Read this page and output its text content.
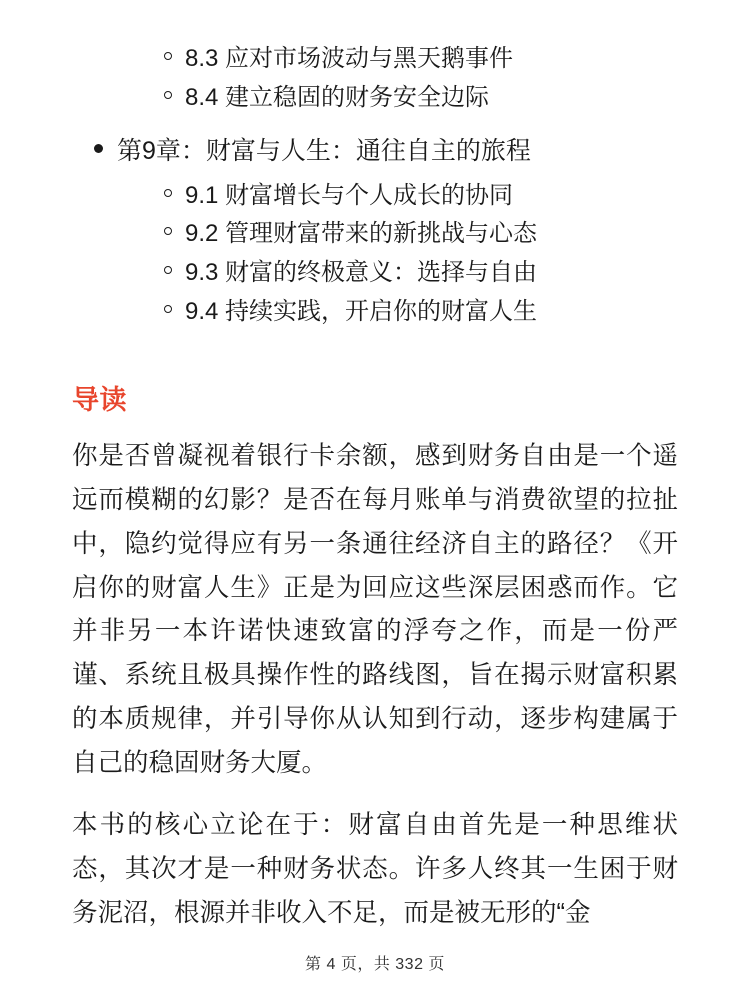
8.3 应对市场波动与黑天鹅事件
8.4 建立稳固的财务安全边际
第9章：财富与人生：通往自主的旅程
9.1 财富增长与个人成长的协同
9.2 管理财富带来的新挑战与心态
9.3 财富的终极意义：选择与自由
9.4 持续实践，开启你的财富人生
导读

你是否曾凝视着银行卡余额，感到财务自由是一个遥远而模糊的幻影？是否在每月账单与消费欲望的拉扯中，隐约觉得应有另一条通往经济自主的路径？《开启你的财富人生》正是为回应这些深层困惑而作。它并非另一本许诺快速致富的浮夸之作，而是一份严谨、系统且极具操作性的路线图，旨在揭示财富积累的本质规律，并引导你从认知到行动，逐步构建属于自己的稳固财务大厦。

本书的核心立论在于：财富自由首先是一种思维状态，其次才是一种财务状态。许多人终其一生困于财务泥沼，根源并非收入不足，而是被无形的“金

第 4 页，共 332 页
